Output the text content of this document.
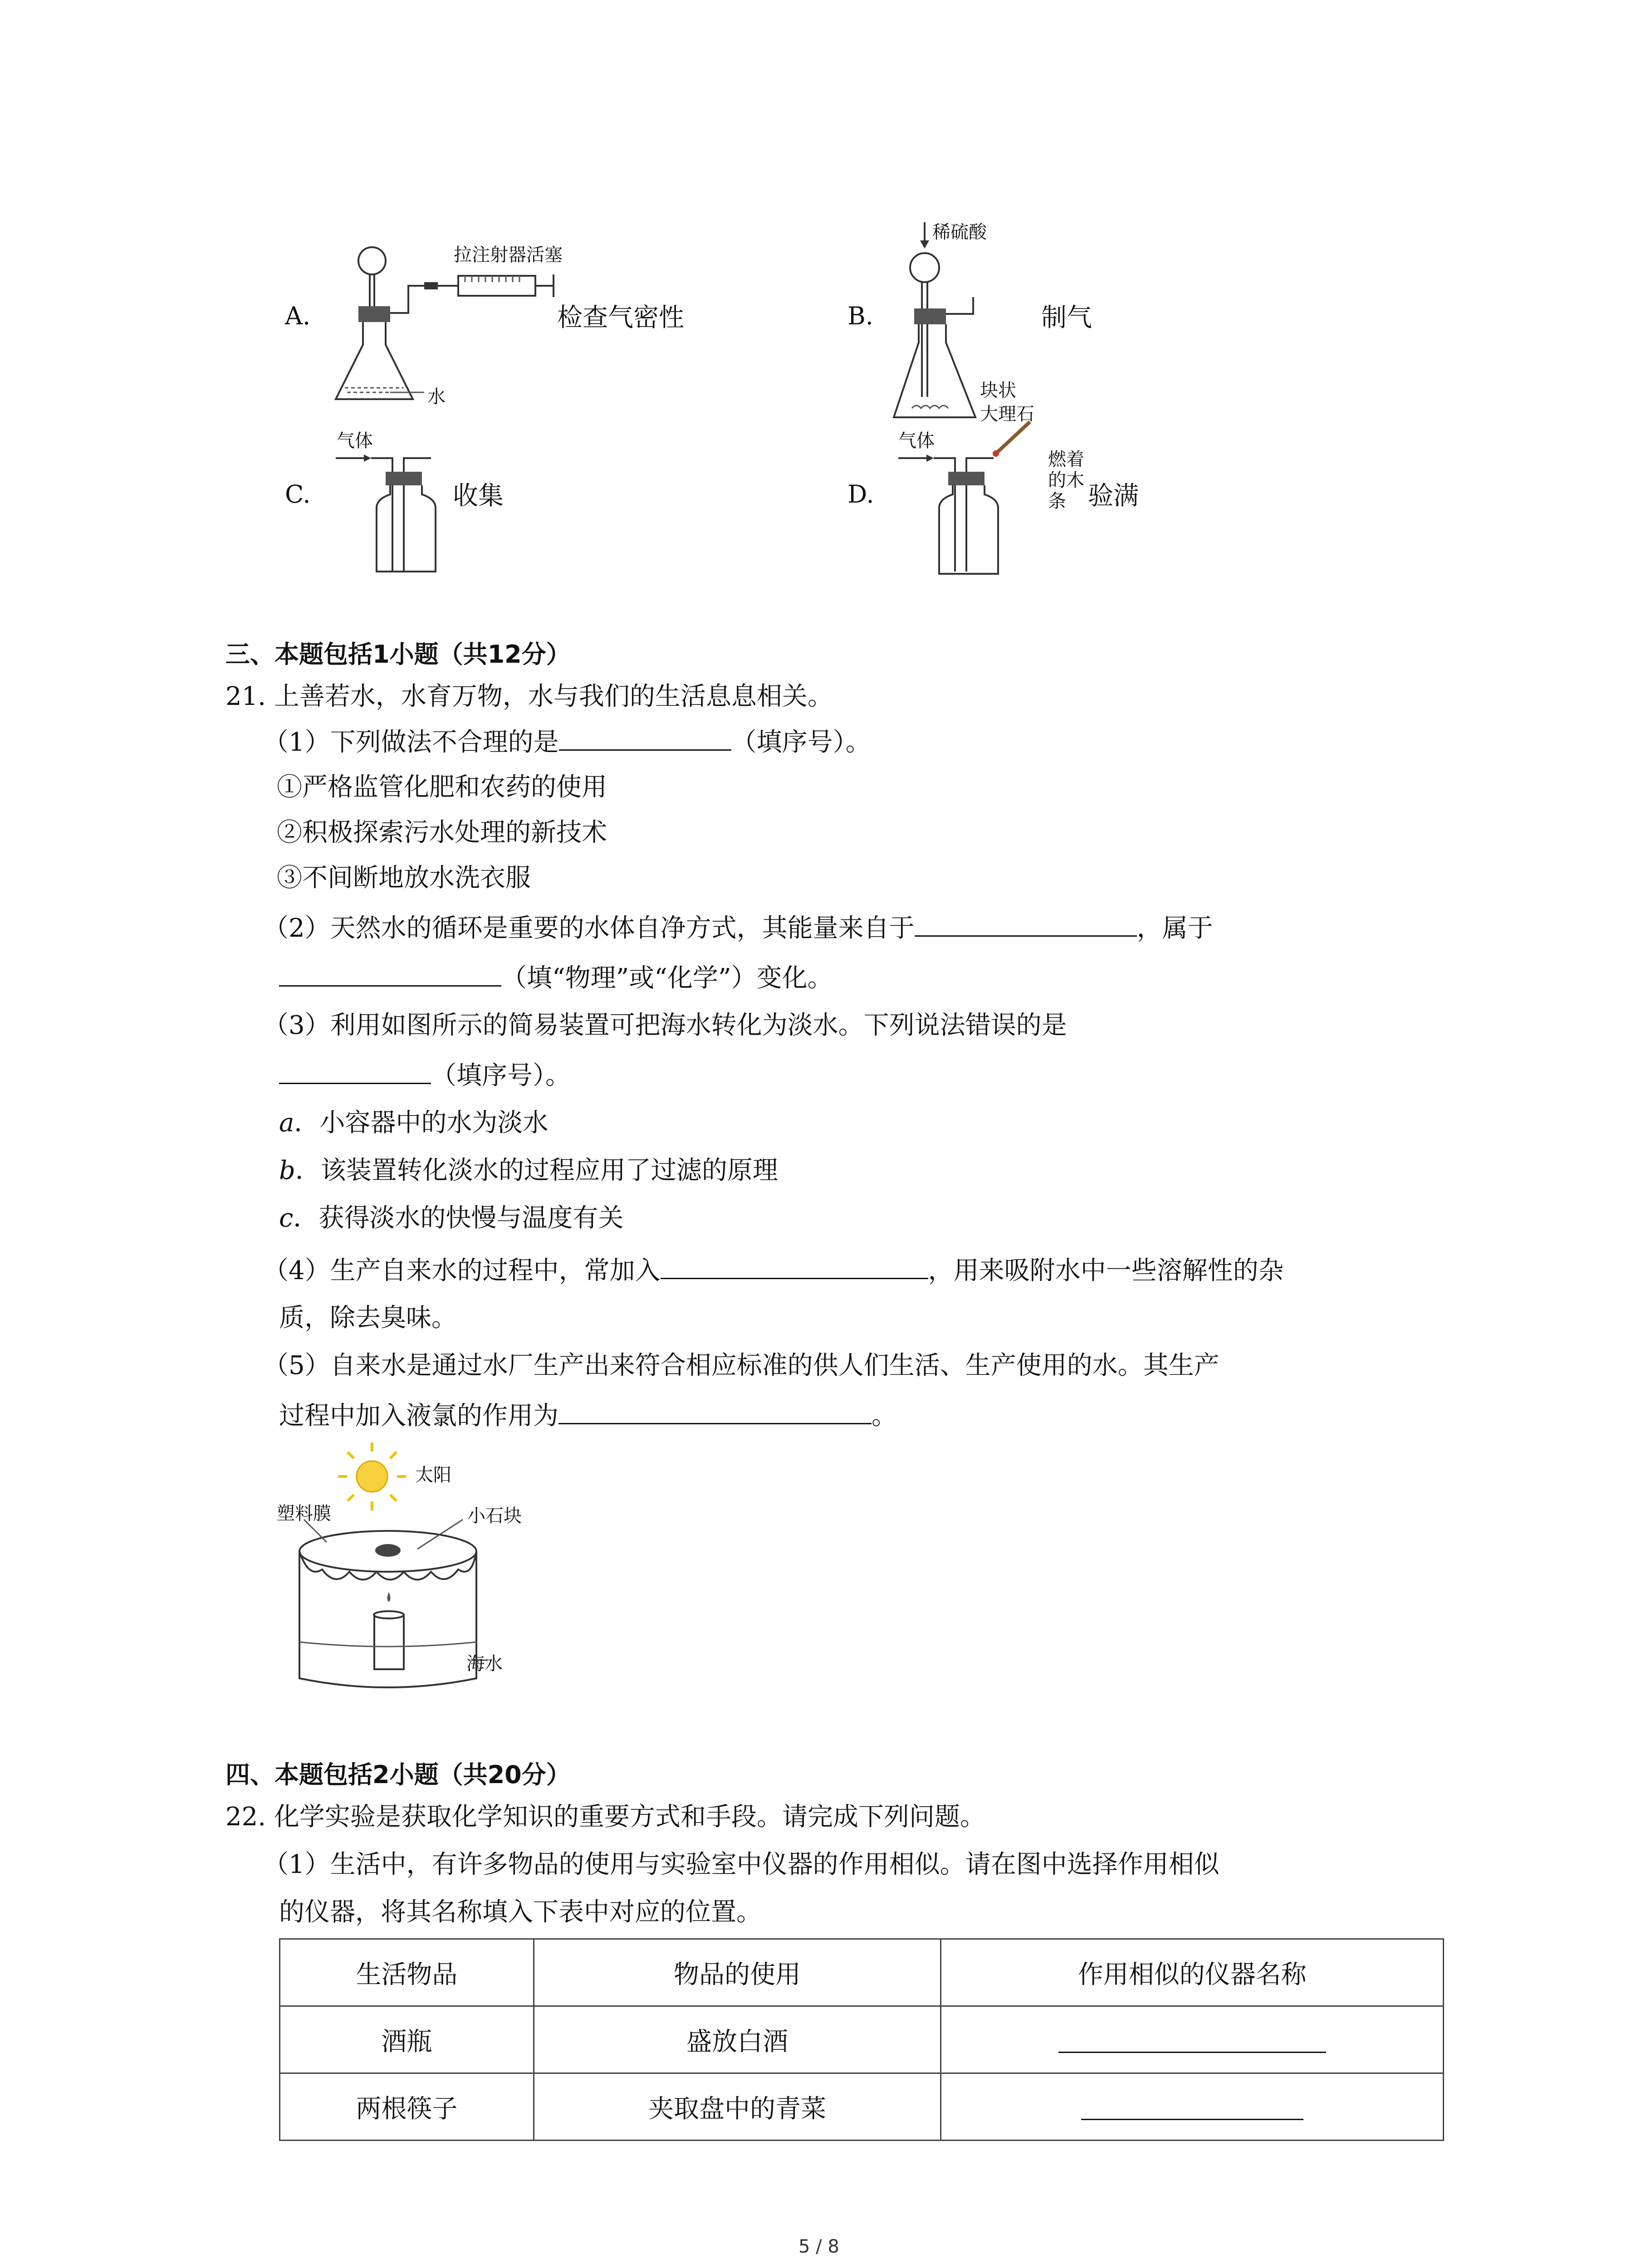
A.
拉注射器活塞
水
检查气密性	B.
稀硫酸
块状
大理石
制气
C.
气体
收集	D.
气体
燃着
的木
条 验满
三、本题包括1小题（共12分）
21. 上善若水，水育万物，水与我们的生活息息相关。
（1）下列做法不合理的是	（填序号）。
①严格监管化肥和农药的使用
②积极探索污水处理的新技术
③不间断地放水洗衣服
（2）天然水的循环是重要的水体自净方式，其能量来自于	，属于
（填“物理”或“化学”）变化。
（3）利用如图所示的简易装置可把海水转化为淡水。下列说法错误的是
（填序号）。
a．小容器中的水为淡水
b．该装置转化淡水的过程应用了过滤的原理
c．获得淡水的快慢与温度有关
（4）生产自来水的过程中，常加入	，用来吸附水中一些溶解性的杂
质，除去臭味。
（5）自来水是通过水厂生产出来符合相应标准的供人们生活、生产使用的水。其生产
过程中加入液氯的作用为	。
太阳
塑料膜	小石块
海水
四、本题包括2小题（共20分）
22. 化学实验是获取化学知识的重要方式和手段。请完成下列问题。
（1）生活中，有许多物品的使用与实验室中仪器的作用相似。请在图中选择作用相似
的仪器，将其名称填入下表中对应的位置。
生活物品	物品的使用	作用相似的仪器名称
酒瓶	盛放白酒	
两根筷子	夹取盘中的青菜	
5 / 8
